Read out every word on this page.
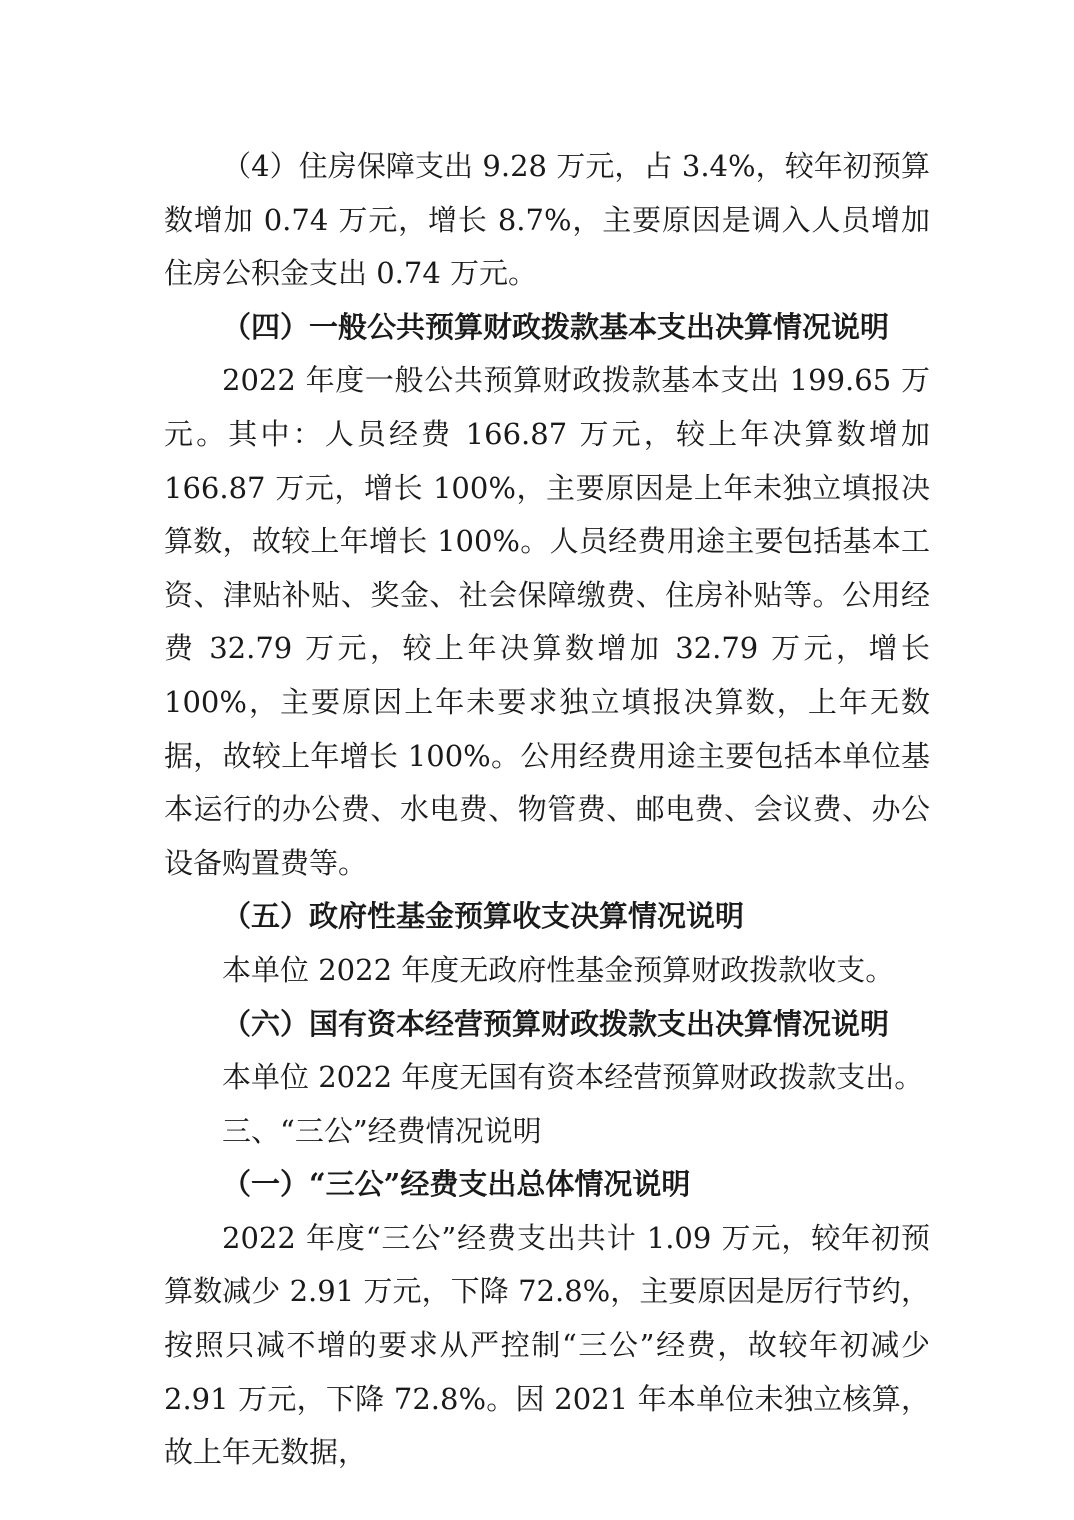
（4）住房保障支出 9.28 万元，占 3.4%，较年初预算数增加 0.74 万元，增长 8.7%，主要原因是调入人员增加住房公积金支出 0.74 万元。

（四）一般公共预算财政拨款基本支出决算情况说明

2022 年度一般公共预算财政拨款基本支出 199.65 万元。其中：人员经费 166.87 万元，较上年决算数增加 166.87 万元，增长 100%，主要原因是上年未独立填报决算数，故较上年增长 100%。人员经费用途主要包括基本工资、津贴补贴、奖金、社会保障缴费、住房补贴等。公用经费 32.79 万元，较上年决算数增加 32.79 万元，增长 100%，主要原因上年未要求独立填报决算数，上年无数据，故较上年增长 100%。公用经费用途主要包括本单位基本运行的办公费、水电费、物管费、邮电费、会议费、办公设备购置费等。

（五）政府性基金预算收支决算情况说明

本单位 2022 年度无政府性基金预算财政拨款收支。

（六）国有资本经营预算财政拨款支出决算情况说明

本单位 2022 年度无国有资本经营预算财政拨款支出。

三、“三公”经费情况说明

（一）“三公”经费支出总体情况说明

2022 年度“三公”经费支出共计 1.09 万元，较年初预算数减少 2.91 万元，下降 72.8%，主要原因是厉行节约，按照只减不增的要求从严控制“三公”经费，故较年初减少 2.91 万元，下降 72.8%。因 2021 年本单位未独立核算，故上年无数据，
